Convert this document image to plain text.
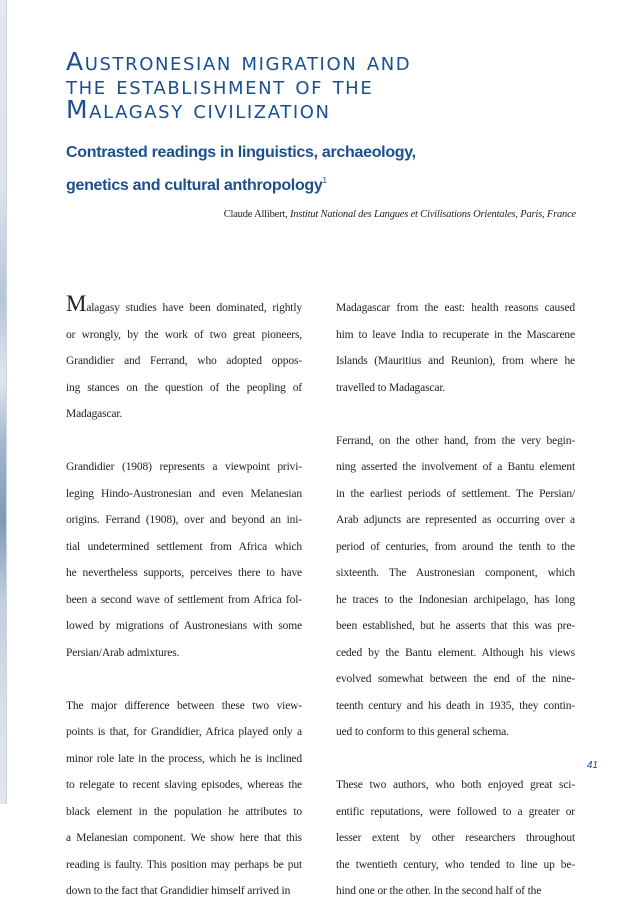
Austronesian migration and
the establishment of the
Malagasy civilization
Contrasted readings in linguistics, archaeology,
genetics and cultural anthropology$^1$

Claude Allibert, Institut National des Langues et Civilisations Orientales, Paris, France

Malagasy studies have been dominated, rightly

or wrongly, by the work of two great pioneers,
Grandidier and Ferrand, who adopted oppos-
ing stances on the question of the peopling of
Madagascar.

Grandidier (1908) represents a viewpoint privi-
leging Hindo-Austronesian and even Melanesian
origins. Ferrand (1908), over and beyond an ini-
tial undetermined settlement from Africa which
he nevertheless supports, perceives there to have
been a second wave of settlement from Africa fol-
lowed by migrations of Austronesians with some
Persian/Arab admixtures.

The major difference between these two view-
points is that, for Grandidier, Africa played only a
minor role late in the process, which he is inclined
to relegate to recent slaving episodes, whereas the
black element in the population he attributes to
a Melanesian component. We show here that this
reading is faulty. This position may perhaps be put
down to the fact that Grandidier himself arrived in

Madagascar from the east: health reasons caused
him to leave India to recuperate in the Mascarene
Islands (Mauritius and Reunion), from where he
travelled to Madagascar.

Ferrand, on the other hand, from the very begin-
ning asserted the involvement of a Bantu element
in the earliest periods of settlement. The Persian/
Arab adjuncts are represented as occurring over a
period of centuries, from around the tenth to the
sixteenth. The Austronesian component, which
he traces to the Indonesian archipelago, has long
been established, but he asserts that this was pre-
ceded by the Bantu element. Although his views
evolved somewhat between the end of the nine-
teenth century and his death in 1935, they contin-
ued to conform to this general schema.

These two authors, who both enjoyed great sci-
entific reputations, were followed to a greater or
lesser extent by other researchers throughout
the twentieth century, who tended to line up be-
hind one or the other. In the second half of the

41
